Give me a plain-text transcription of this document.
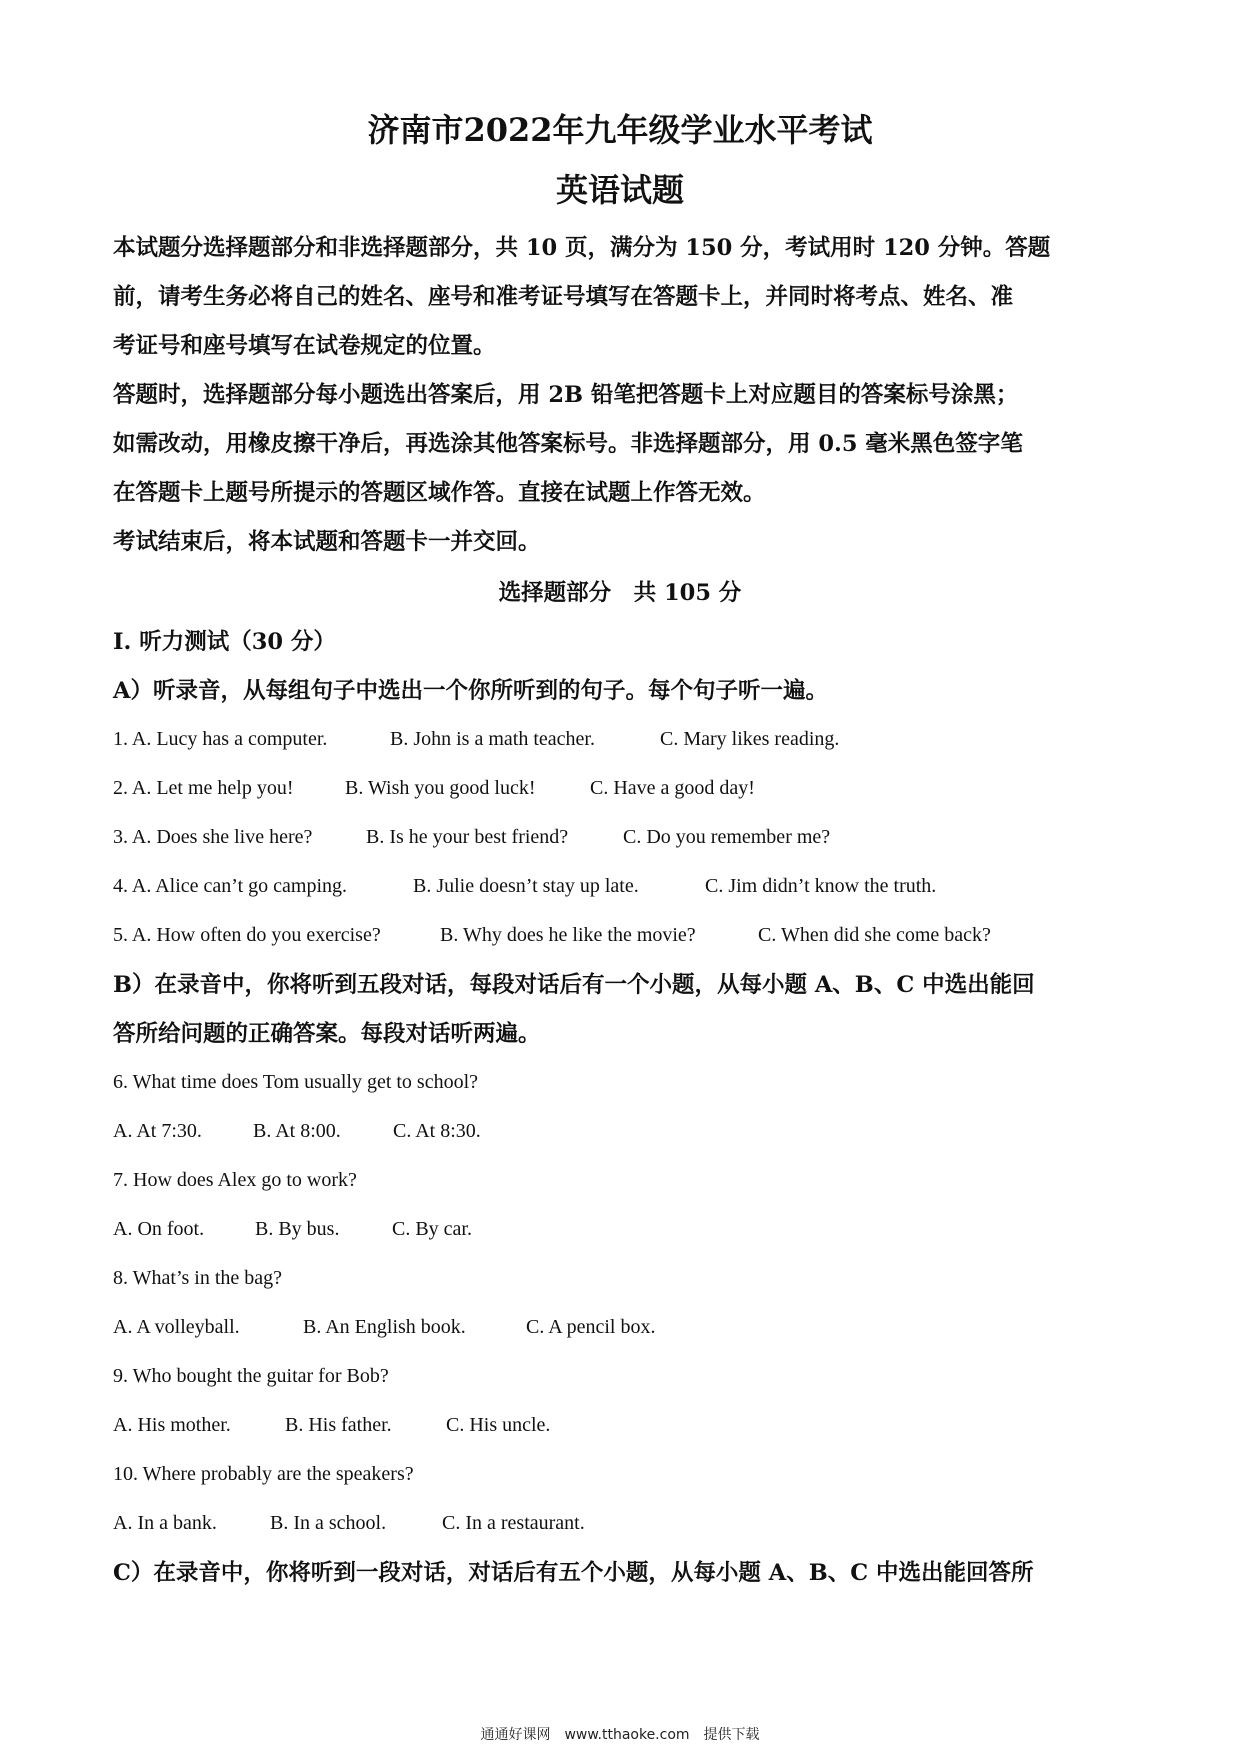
济南市2022年九年级学业水平考试
英语试题
本试题分选择题部分和非选择题部分，共 10 页，满分为 150 分，考试用时 120 分钟。答题
前，请考生务必将自己的姓名、座号和准考证号填写在答题卡上，并同时将考点、姓名、准
考证号和座号填写在试卷规定的位置。
答题时，选择题部分每小题选出答案后，用 2B 铅笔把答题卡上对应题目的答案标号涂黑；
如需改动，用橡皮擦干净后，再选涂其他答案标号。非选择题部分，用 0.5 毫米黑色签字笔
在答题卡上题号所提示的答题区域作答。直接在试题上作答无效。
考试结束后，将本试题和答题卡一并交回。
选择题部分　共 105 分
Ⅰ. 听力测试（30 分）
A）听录音，从每组句子中选出一个你所听到的句子。每个句子听一遍。
1. A. Lucy has a computer.	B. John is a math teacher.	C. Mary likes reading.
2. A. Let me help you!	B. Wish you good luck!	C. Have a good day!
3. A. Does she live here?	B. Is he your best friend?	C. Do you remember me?
4. A. Alice can’t go camping.	B. Julie doesn’t stay up late.	C. Jim didn’t know the truth.
5. A. How often do you exercise?	B. Why does he like the movie?	C. When did she come back?
B）在录音中，你将听到五段对话，每段对话后有一个小题，从每小题 A、B、C 中选出能回
答所给问题的正确答案。每段对话听两遍。
6. What time does Tom usually get to school?
A. At 7:30.	B. At 8:00.	C. At 8:30.
7. How does Alex go to work?
A. On foot.	B. By bus.	C. By car.
8. What’s in the bag?
A. A volleyball.	B. An English book.	C. A pencil box.
9. Who bought the guitar for Bob?
A. His mother.	B. His father.	C. His uncle.
10. Where probably are the speakers?
A. In a bank.	B. In a school.	C. In a restaurant.
C）在录音中，你将听到一段对话，对话后有五个小题，从每小题 A、B、C 中选出能回答所
通通好课网　www.tthaoke.com　提供下载
